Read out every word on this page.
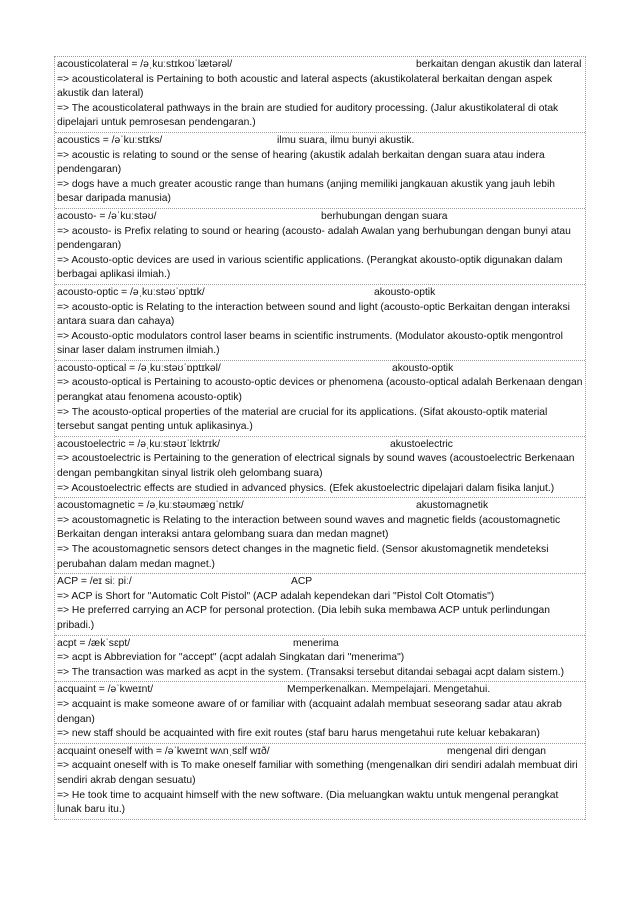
acousticolateral = /əˌkuːstɪkoʊˈlætərəl/	berkaitan dengan akustik dan lateral
=> acousticolateral is Pertaining to both acoustic and lateral aspects (akustikolateral berkaitan dengan aspek akustik dan lateral)
=> The acousticolateral pathways in the brain are studied for auditory processing. (Jalur akustikolateral di otak dipelajari untuk pemrosesan pendengaran.)
acoustics = /əˈkuːstɪks/	ilmu suara, ilmu bunyi akustik.
=> acoustic is relating to sound or the sense of hearing (akustik adalah berkaitan dengan suara atau indera pendengaran)
=> dogs have a much greater acoustic range than humans (anjing memiliki jangkauan akustik yang jauh lebih besar daripada manusia)
acousto- = /əˈkuːstəʊ/	berhubungan dengan suara
=> acousto- is Prefix relating to sound or hearing (acousto- adalah Awalan yang berhubungan dengan bunyi atau pendengaran)
=> Acousto-optic devices are used in various scientific applications. (Perangkat akousto-optik digunakan dalam berbagai aplikasi ilmiah.)
acousto-optic = /əˌkuːstəʊˈɒptɪk/	akousto-optik
=> acousto-optic is Relating to the interaction between sound and light (acousto-optic Berkaitan dengan interaksi antara suara dan cahaya)
=> Acousto-optic modulators control laser beams in scientific instruments. (Modulator akousto-optik mengontrol sinar laser dalam instrumen ilmiah.)
acousto-optical = /əˌkuːstəʊˈɒptɪkəl/	akousto-optik
=> acousto-optical is Pertaining to acousto-optic devices or phenomena (acousto-optical adalah Berkenaan dengan perangkat atau fenomena acousto-optik)
=> The acousto-optical properties of the material are crucial for its applications. (Sifat akousto-optik material tersebut sangat penting untuk aplikasinya.)
acoustoelectric = /əˌkuːstəʊɪˈlɛktrɪk/	akustoelectric
=> acoustoelectric is Pertaining to the generation of electrical signals by sound waves (acoustoelectric Berkenaan dengan pembangkitan sinyal listrik oleh gelombang suara)
=> Acoustoelectric effects are studied in advanced physics. (Efek akustoelectric dipelajari dalam fisika lanjut.)
acoustomagnetic = /əˌkuːstəʊmægˈnɛtɪk/	akustomagnetik
=> acoustomagnetic is Relating to the interaction between sound waves and magnetic fields (acoustomagnetic Berkaitan dengan interaksi antara gelombang suara dan medan magnet)
=> The acoustomagnetic sensors detect changes in the magnetic field. (Sensor akustomagnetik mendeteksi perubahan dalam medan magnet.)
ACP = /eɪ siː piː/	ACP
=> ACP is Short for "Automatic Colt Pistol" (ACP adalah kependekan dari "Pistol Colt Otomatis")
=> He preferred carrying an ACP for personal protection. (Dia lebih suka membawa ACP untuk perlindungan pribadi.)
acpt = /ækˈsɛpt/	menerima
=> acpt is Abbreviation for "accept" (acpt adalah Singkatan dari "menerima")
=> The transaction was marked as acpt in the system. (Transaksi tersebut ditandai sebagai acpt dalam sistem.)
acquaint = /əˈkweɪnt/	Memperkenalkan. Mempelajari. Mengetahui.
=> acquaint is make someone aware of or familiar with (acquaint adalah membuat seseorang sadar atau akrab dengan)
=> new staff should be acquainted with fire exit routes (staf baru harus mengetahui rute keluar kebakaran)
acquaint oneself with = /əˈkweɪnt wʌnˌsɛlf wɪð/	mengenal diri dengan
=> acquaint oneself with is To make oneself familiar with something (mengenalkan diri sendiri adalah membuat diri sendiri akrab dengan sesuatu)
=> He took time to acquaint himself with the new software. (Dia meluangkan waktu untuk mengenal perangkat lunak baru itu.)
